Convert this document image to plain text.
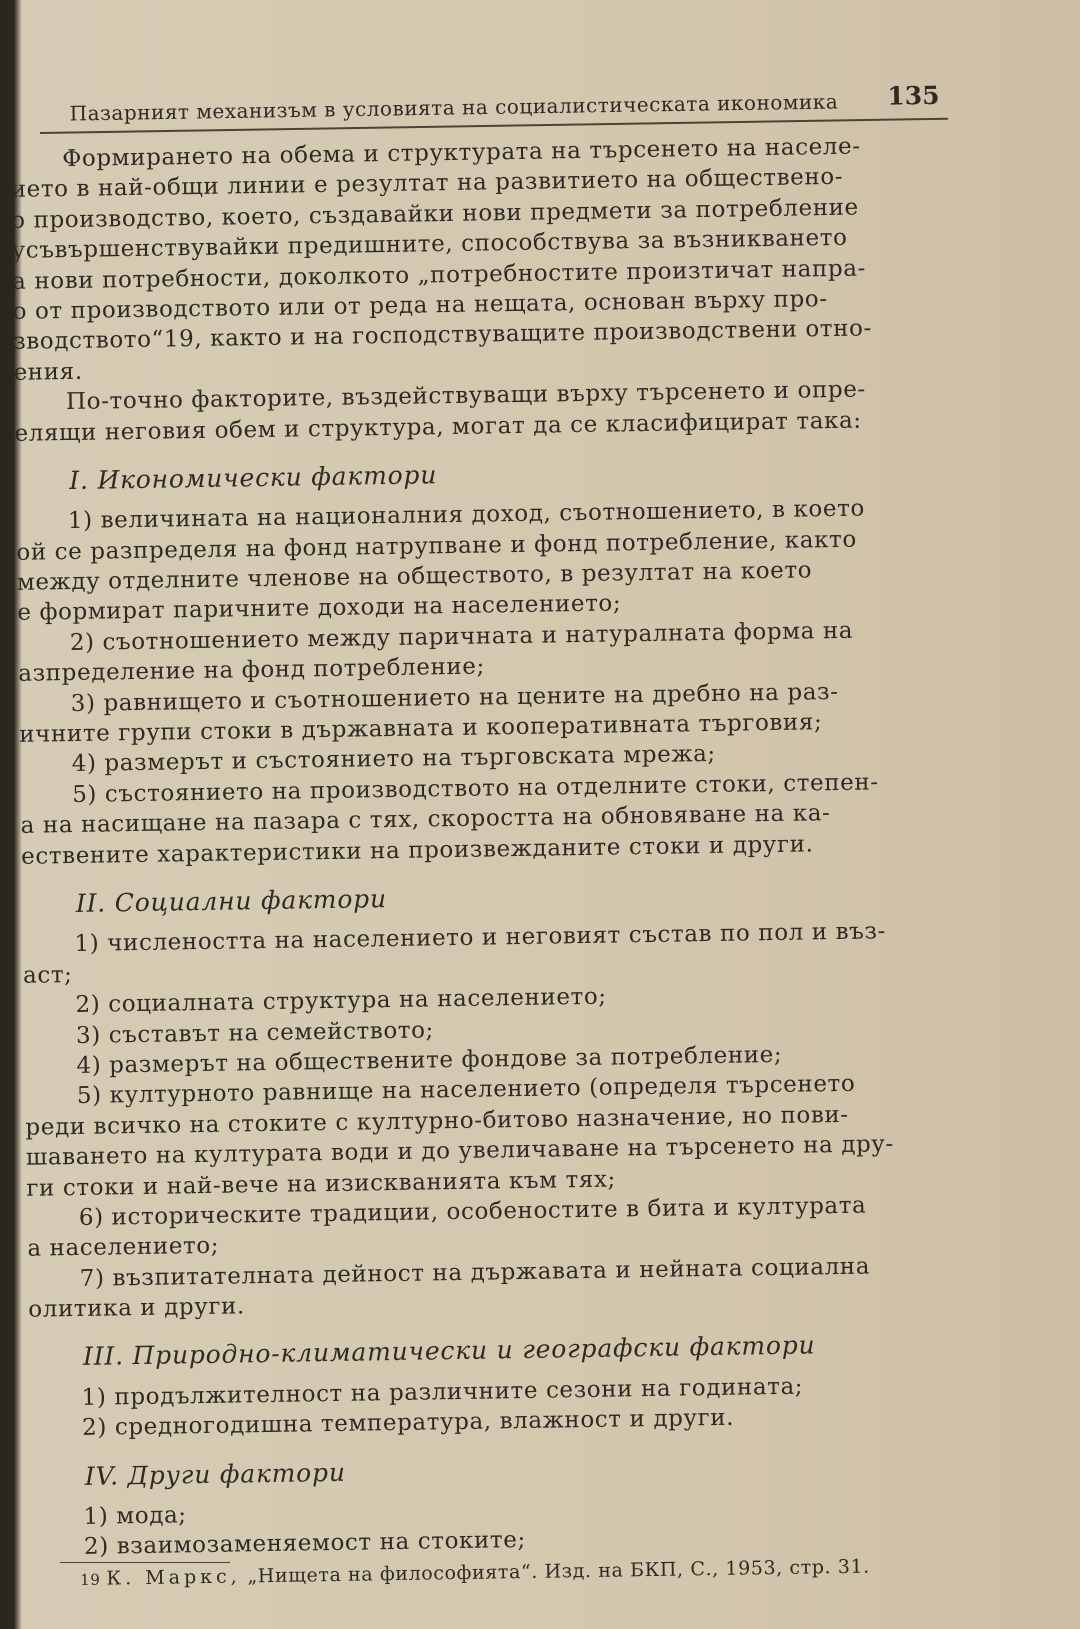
Пазарният механизъм в условията на социалистическата икономика 135
Формирането на обема и структурата на търсенето на населе-
ието в най-общи линии е резултат на развитието на обществено-
о производство, което, създавайки нови предмети за потребление
усъвършенствувайки предишните, способствува за възникването
а нови потребности, доколкото „потребностите произтичат напра-
о от производството или от реда на нещата, основан върху про-
зводството“19, както и на господствуващите производствени отно-
ения.
По-точно факторите, въздействуващи върху търсенето и опре-
елящи неговия обем и структура, могат да се класифицират така:
I. Икономически фактори
1) величината на националния доход, съотношението, в което
ой се разпределя на фонд натрупване и фонд потребление, както
между отделните членове на обществото, в резултат на което
е формират паричните доходи на населението;
2) съотношението между паричната и натуралната форма на
азпределение на фонд потребление;
3) равнището и съотношението на цените на дребно на раз-
ичните групи стоки в държавната и кооперативната търговия;
4) размерът и състоянието на търговската мрежа;
5) състоянието на производството на отделните стоки, степен-
а на насищане на пазара с тях, скоростта на обновяване на ка-
ествените характеристики на произвежданите стоки и други.
II. Социални фактори
1) числеността на населението и неговият състав по пол и въз-
аст;
2) социалната структура на населението;
3) съставът на семейството;
4) размерът на обществените фондове за потребление;
5) културното равнище на населението (определя търсенето
реди всичко на стоките с културно-битово назначение, но пови-
шаването на културата води и до увеличаване на търсенето на дру-
ги стоки и най-вече на изискванията към тях;
6) историческите традиции, особеностите в бита и културата
а населението;
7) възпитателната дейност на държавата и нейната социална
олитика и други.
III. Природно-климатически и географски фактори
1) продължителност на различните сезони на годината;
2) средногодишна температура, влажност и други.
IV. Други фактори
1) мода;
2) взаимозаменяемост на стоките;
19 К. Маркс, „Нищета на философията“. Изд. на БКП, С., 1953, стр. 31.
